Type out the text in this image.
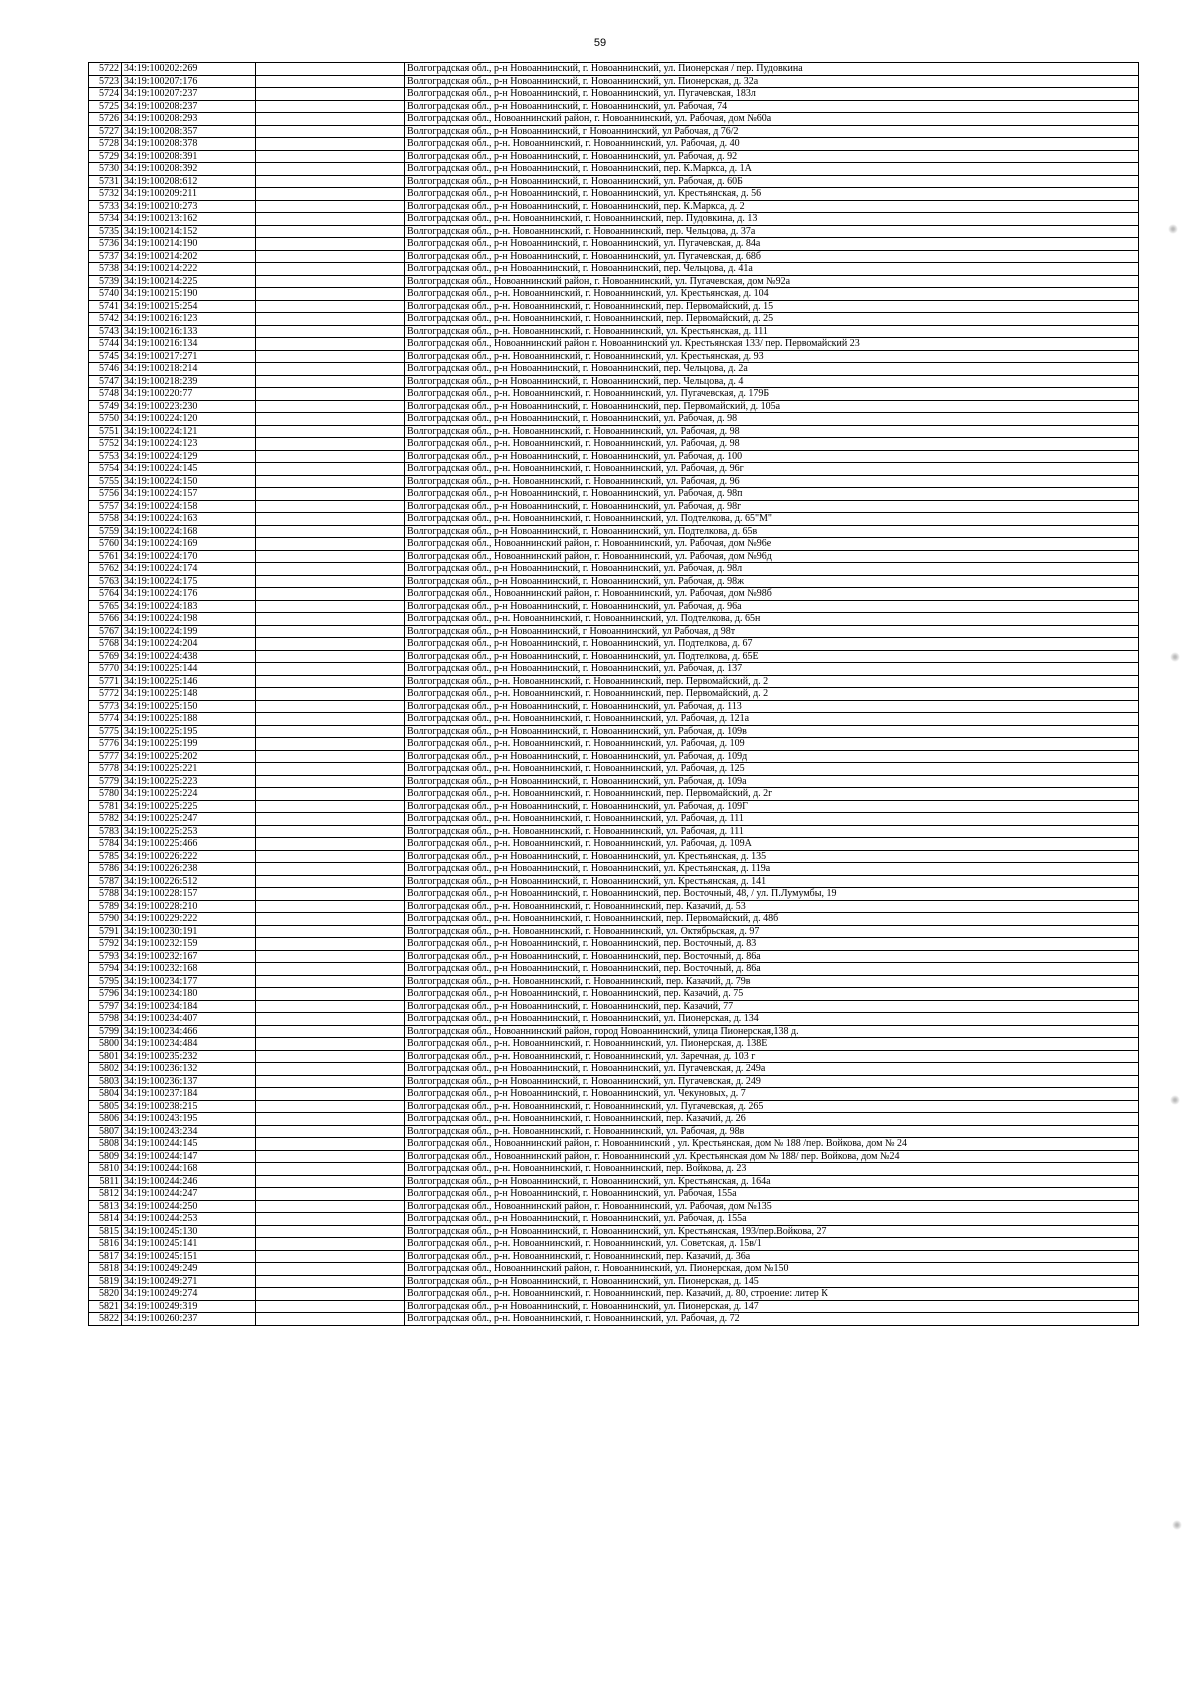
59
5722	34:19:100202:269		Волгоградская обл., р-н Новоаннинский, г. Новоаннинский, ул. Пионерская / пер. Пудовкина
5723	34:19:100207:176		Волгоградская обл., р-н Новоаннинский, г. Новоаннинский, ул. Пионерская, д. 32а
5724	34:19:100207:237		Волгоградская обл., р-н Новоаннинский, г. Новоаннинский, ул. Пугачевская, 183л
5725	34:19:100208:237		Волгоградская обл., р-н Новоаннинский, г. Новоаннинский, ул. Рабочая, 74
5726	34:19:100208:293		Волгоградская обл., Новоаннинский район, г. Новоаннинский, ул. Рабочая, дом №60а
5727	34:19:100208:357		Волгоградская обл., р-н Новоаннинский, г Новоаннинский, ул Рабочая, д 76/2
5728	34:19:100208:378		Волгоградская обл., р-н. Новоаннинский, г. Новоаннинский, ул. Рабочая, д. 40
5729	34:19:100208:391		Волгоградская обл., р-н Новоаннинский, г. Новоаннинский, ул. Рабочая, д. 92
5730	34:19:100208:392		Волгоградская обл., р-н Новоаннинский, г. Новоаннинский, пер. К.Маркса, д. 1А
5731	34:19:100208:612		Волгоградская обл., р-н Новоаннинский, г. Новоаннинский, ул. Рабочая, д. 60Б
5732	34:19:100209:211		Волгоградская обл., р-н Новоаннинский, г. Новоаннинский, ул. Крестьянская, д. 56
5733	34:19:100210:273		Волгоградская обл., р-н Новоаннинский, г. Новоаннинский, пер. К.Маркса, д. 2
5734	34:19:100213:162		Волгоградская обл., р-н. Новоаннинский, г. Новоаннинский, пер. Пудовкина, д. 13
5735	34:19:100214:152		Волгоградская обл., р-н. Новоаннинский, г. Новоаннинский, пер. Чельцова, д. 37а
5736	34:19:100214:190		Волгоградская обл., р-н Новоаннинский, г. Новоаннинский, ул. Пугачевская, д. 84а
5737	34:19:100214:202		Волгоградская обл., р-н Новоаннинский, г. Новоаннинский, ул. Пугачевская, д. 68б
5738	34:19:100214:222		Волгоградская обл., р-н Новоаннинский, г. Новоаннинский, пер. Чельцова, д. 41а
5739	34:19:100214:225		Волгоградская обл., Новоаннинский район, г. Новоаннинский, ул. Пугачевская, дом №92а
5740	34:19:100215:190		Волгоградская обл., р-н. Новоаннинский, г. Новоаннинский, ул. Крестьянская, д. 104
5741	34:19:100215:254		Волгоградская обл., р-н. Новоаннинский, г. Новоаннинский, пер. Первомайский, д. 15
5742	34:19:100216:123		Волгоградская обл., р-н. Новоаннинский, г. Новоаннинский, пер. Первомайский, д. 25
5743	34:19:100216:133		Волгоградская обл., р-н. Новоаннинский, г. Новоаннинский, ул. Крестьянская, д. 111
5744	34:19:100216:134		Волгоградская обл., Новоаннинский район г. Новоаннинский ул. Крестьянская 133/ пер. Первомайский 23
5745	34:19:100217:271		Волгоградская обл., р-н. Новоаннинский, г. Новоаннинский, ул. Крестьянская, д. 93
5746	34:19:100218:214		Волгоградская обл., р-н Новоаннинский, г. Новоаннинский, пер. Чельцова, д. 2а
5747	34:19:100218:239		Волгоградская обл., р-н Новоаннинский, г. Новоаннинский, пер. Чельцова, д. 4
5748	34:19:100220:77		Волгоградская обл., р-н. Новоаннинский, г. Новоаннинский, ул. Пугачевская, д. 179Б
5749	34:19:100223:230		Волгоградская обл., р-н Новоаннинский, г. Новоаннинский, пер. Первомайский, д. 105а
5750	34:19:100224:120		Волгоградская обл., р-н Новоаннинский, г. Новоаннинский, ул. Рабочая, д. 98
5751	34:19:100224:121		Волгоградская обл., р-н. Новоаннинский, г. Новоаннинский, ул. Рабочая, д. 98
5752	34:19:100224:123		Волгоградская обл., р-н. Новоаннинский, г. Новоаннинский, ул. Рабочая, д. 98
5753	34:19:100224:129		Волгоградская обл., р-н Новоаннинский, г. Новоаннинский, ул. Рабочая, д. 100
5754	34:19:100224:145		Волгоградская обл., р-н. Новоаннинский, г. Новоаннинский, ул. Рабочая, д. 96г
5755	34:19:100224:150		Волгоградская обл., р-н. Новоаннинский, г. Новоаннинский, ул. Рабочая, д. 96
5756	34:19:100224:157		Волгоградская обл., р-н Новоаннинский, г. Новоаннинский, ул. Рабочая, д. 98п
5757	34:19:100224:158		Волгоградская обл., р-н Новоаннинский, г. Новоаннинский, ул. Рабочая, д. 98г
5758	34:19:100224:163		Волгоградская обл., р-н. Новоаннинский, г. Новоаннинский, ул. Подтелкова, д. 65"М"
5759	34:19:100224:168		Волгоградская обл., р-н Новоаннинский, г. Новоаннинский, ул. Подтелкова, д. 65в
5760	34:19:100224:169		Волгоградская обл., Новоаннинский район, г. Новоаннинский, ул. Рабочая, дом №96е
5761	34:19:100224:170		Волгоградская обл., Новоаннинский район, г. Новоаннинский, ул. Рабочая, дом №96д
5762	34:19:100224:174		Волгоградская обл., р-н Новоаннинский, г. Новоаннинский, ул. Рабочая, д. 98л
5763	34:19:100224:175		Волгоградская обл., р-н Новоаннинский, г. Новоаннинский, ул. Рабочая, д. 98ж
5764	34:19:100224:176		Волгоградская обл., Новоаннинский район, г. Новоаннинский, ул. Рабочая, дом №98б
5765	34:19:100224:183		Волгоградская обл., р-н Новоаннинский, г. Новоаннинский, ул. Рабочая, д. 96а
5766	34:19:100224:198		Волгоградская обл., р-н. Новоаннинский, г. Новоаннинский, ул. Подтелкова, д. 65н
5767	34:19:100224:199		Волгоградская обл., р-н Новоаннинский, г Новоаннинский, ул Рабочая, д 98т
5768	34:19:100224:204		Волгоградская обл., р-н Новоаннинский, г. Новоаннинский, ул. Подтелкова, д. 67
5769	34:19:100224:438		Волгоградская обл., р-н Новоаннинский, г. Новоаннинский, ул. Подтелкова, д. 65Е
5770	34:19:100225:144		Волгоградская обл., р-н Новоаннинский, г. Новоаннинский, ул. Рабочая, д. 137
5771	34:19:100225:146		Волгоградская обл., р-н. Новоаннинский, г. Новоаннинский, пер. Первомайский, д. 2
5772	34:19:100225:148		Волгоградская обл., р-н. Новоаннинский, г. Новоаннинский, пер. Первомайский, д. 2
5773	34:19:100225:150		Волгоградская обл., р-н Новоаннинский, г. Новоаннинский, ул. Рабочая, д. 113
5774	34:19:100225:188		Волгоградская обл., р-н. Новоаннинский, г. Новоаннинский, ул. Рабочая, д. 121а
5775	34:19:100225:195		Волгоградская обл., р-н Новоаннинский, г. Новоаннинский, ул. Рабочая, д. 109в
5776	34:19:100225:199		Волгоградская обл., р-н. Новоаннинский, г. Новоаннинский, ул. Рабочая, д. 109
5777	34:19:100225:202		Волгоградская обл., р-н Новоаннинский, г. Новоаннинский, ул. Рабочая, д. 109д
5778	34:19:100225:221		Волгоградская обл., р-н. Новоаннинский, г. Новоаннинский, ул. Рабочая, д. 125
5779	34:19:100225:223		Волгоградская обл., р-н Новоаннинский, г. Новоаннинский, ул. Рабочая, д. 109а
5780	34:19:100225:224		Волгоградская обл., р-н. Новоаннинский, г. Новоаннинский, пер. Первомайский, д. 2г
5781	34:19:100225:225		Волгоградская обл., р-н Новоаннинский, г. Новоаннинский, ул. Рабочая, д. 109Г
5782	34:19:100225:247		Волгоградская обл., р-н. Новоаннинский, г. Новоаннинский, ул. Рабочая, д. 111
5783	34:19:100225:253		Волгоградская обл., р-н. Новоаннинский, г. Новоаннинский, ул. Рабочая, д. 111
5784	34:19:100225:466		Волгоградская обл., р-н. Новоаннинский, г. Новоаннинский, ул. Рабочая, д. 109А
5785	34:19:100226:222		Волгоградская обл., р-н Новоаннинский, г. Новоаннинский, ул. Крестьянская, д. 135
5786	34:19:100226:238		Волгоградская обл., р-н Новоаннинский, г. Новоаннинский, ул. Крестьянская, д. 119а
5787	34:19:100226:512		Волгоградская обл., р-н Новоаннинский, г. Новоаннинский, ул. Крестьянская, д. 141
5788	34:19:100228:157		Волгоградская обл., р-н Новоаннинский, г. Новоаннинский, пер. Восточный, 48, / ул. П.Лумумбы, 19
5789	34:19:100228:210		Волгоградская обл., р-н. Новоаннинский, г. Новоаннинский, пер. Казачий, д. 53
5790	34:19:100229:222		Волгоградская обл., р-н. Новоаннинский, г. Новоаннинский, пер. Первомайский, д. 48б
5791	34:19:100230:191		Волгоградская обл., р-н. Новоаннинский, г. Новоаннинский, ул. Октябрьская, д. 97
5792	34:19:100232:159		Волгоградская обл., р-н Новоаннинский, г. Новоаннинский, пер. Восточный, д. 83
5793	34:19:100232:167		Волгоградская обл., р-н Новоаннинский, г. Новоаннинский, пер. Восточный, д. 86а
5794	34:19:100232:168		Волгоградская обл., р-н Новоаннинский, г. Новоаннинский, пер. Восточный, д. 86а
5795	34:19:100234:177		Волгоградская обл., р-н. Новоаннинский, г. Новоаннинский, пер. Казачий, д. 79в
5796	34:19:100234:180		Волгоградская обл., р-н Новоаннинский, г. Новоаннинский, пер. Казачий, д. 75
5797	34:19:100234:184		Волгоградская обл., р-н Новоаннинский, г. Новоаннинский, пер. Казачий, 77
5798	34:19:100234:407		Волгоградская обл., р-н Новоаннинский, г. Новоаннинский, ул. Пионерская, д. 134
5799	34:19:100234:466		Волгоградская обл., Новоаннинский район, город Новоаннинский, улица Пионерская,138 д.
5800	34:19:100234:484		Волгоградская обл., р-н. Новоаннинский, г. Новоаннинский, ул. Пионерская, д. 138Е
5801	34:19:100235:232		Волгоградская обл., р-н. Новоаннинский, г. Новоаннинский, ул. Заречная, д. 103 г
5802	34:19:100236:132		Волгоградская обл., р-н Новоаннинский, г. Новоаннинский, ул. Пугачевская, д. 249а
5803	34:19:100236:137		Волгоградская обл., р-н Новоаннинский, г. Новоаннинский, ул. Пугачевская, д. 249
5804	34:19:100237:184		Волгоградская обл., р-н Новоаннинский, г. Новоаннинский, ул. Чекуновых, д. 7
5805	34:19:100238:215		Волгоградская обл., р-н. Новоаннинский, г. Новоаннинский, ул. Пугачевская, д. 265
5806	34:19:100243:195		Волгоградская обл., р-н. Новоаннинский, г. Новоаннинский, пер. Казачий, д. 26
5807	34:19:100243:234		Волгоградская обл., р-н. Новоаннинский, г. Новоаннинский, ул. Рабочая, д. 98в
5808	34:19:100244:145		Волгоградская обл., Новоаннинский район, г. Новоаннинский , ул. Крестьянская, дом № 188 /пер. Войкова, дом № 24
5809	34:19:100244:147		Волгоградская обл., Новоаннинский район, г. Новоаннинский ,ул. Крестьянская дом № 188/ пер. Войкова, дом №24
5810	34:19:100244:168		Волгоградская обл., р-н. Новоаннинский, г. Новоаннинский, пер. Войкова, д. 23
5811	34:19:100244:246		Волгоградская обл., р-н Новоаннинский, г. Новоаннинский, ул. Крестьянская, д. 164а
5812	34:19:100244:247		Волгоградская обл., р-н Новоаннинский, г. Новоаннинский, ул. Рабочая, 155а
5813	34:19:100244:250		Волгоградская обл., Новоаннинский район, г. Новоаннинский, ул. Рабочая, дом №135
5814	34:19:100244:253		Волгоградская обл., р-н Новоаннинский, г. Новоаннинский, ул. Рабочая, д. 155а
5815	34:19:100245:130		Волгоградская обл., р-н Новоаннинский, г. Новоаннинский, ул. Крестьянская, 193/пер.Войкова, 27
5816	34:19:100245:141		Волгоградская обл., р-н. Новоаннинский, г. Новоаннинский, ул. Советская, д. 15в/1
5817	34:19:100245:151		Волгоградская обл., р-н. Новоаннинский, г. Новоаннинский, пер. Казачий, д. 36а
5818	34:19:100249:249		Волгоградская обл., Новоаннинский район, г. Новоаннинский, ул. Пионерская, дом №150
5819	34:19:100249:271		Волгоградская обл., р-н Новоаннинский, г. Новоаннинский, ул. Пионерская, д. 145
5820	34:19:100249:274		Волгоградская обл., р-н. Новоаннинский, г. Новоаннинский, пер. Казачий, д. 80, строение: литер К
5821	34:19:100249:319		Волгоградская обл., р-н Новоаннинский, г. Новоаннинский, ул. Пионерская, д. 147
5822	34:19:100260:237		Волгоградская обл., р-н. Новоаннинский, г. Новоаннинский, ул. Рабочая, д. 72
